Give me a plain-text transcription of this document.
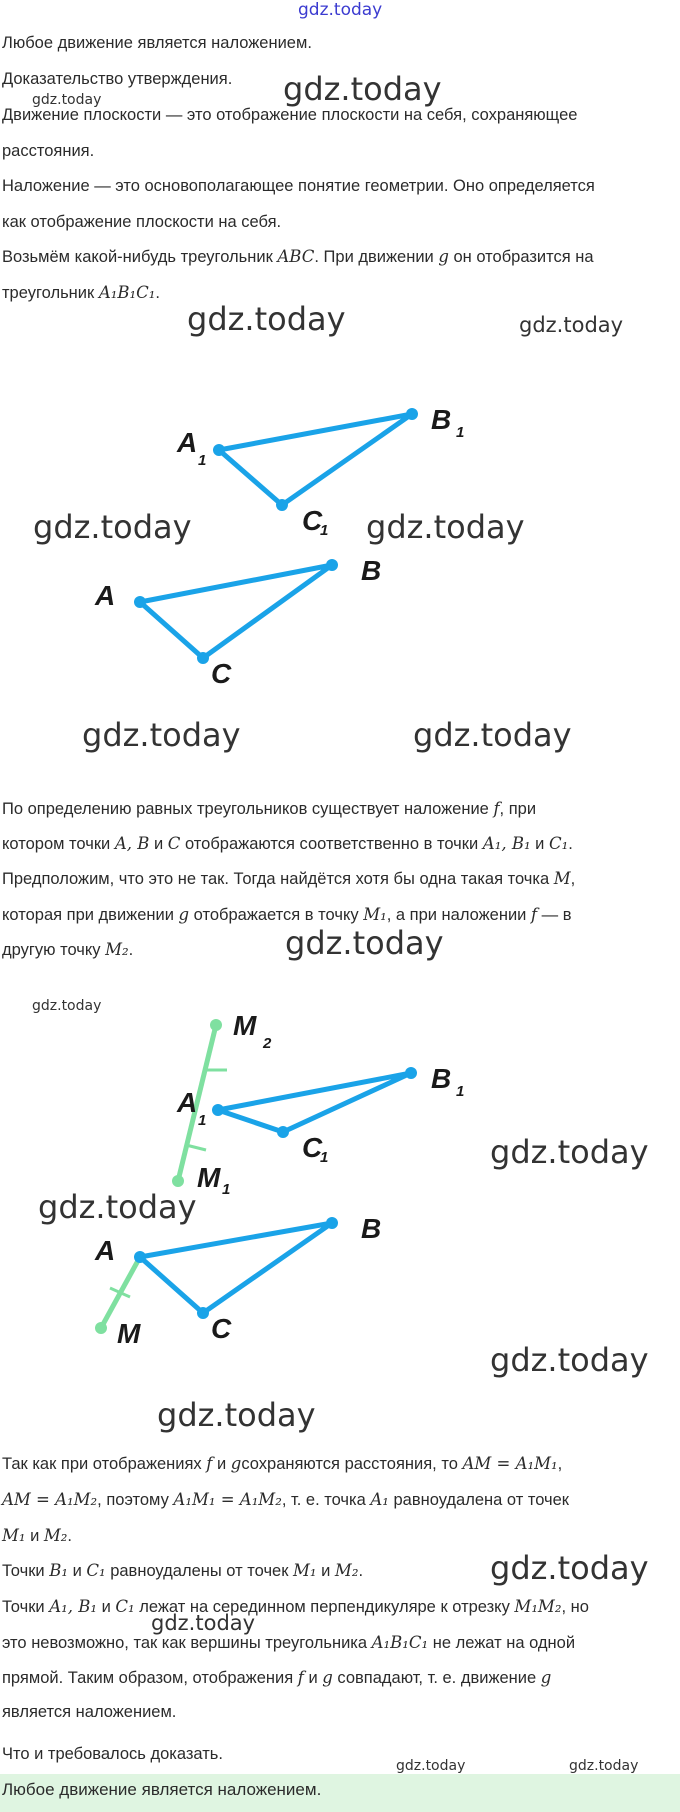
gdz.today
Любое движение является наложением.
Доказательство утверждения.
Движение плоскости — это отображение плоскости на себя, сохраняющее
расстояния.
Наложение — это основополагающее понятие геометрии. Оно определяется
как отображение плоскости на себя.
Возьмём какой-нибудь треугольник ABC. При движении g он отобразится на
треугольник A₁B₁C₁.
A
1
B 1
C
1
A
B
C
По определению равных треугольников существует наложение f, при
котором точки A, B и C отображаются соответственно в точки A₁, B₁ и C₁.
Предположим, что это не так. Тогда найдётся хотя бы одна такая точка M,
которая при движении g отображается в точку M₁, а при наложении f — в
другую точку M₂.
M
2
A
1
B 1
C
1
M 1
A
B
C
M
Так как при отображениях f и gсохраняются расстояния, то AM = A₁M₁,
AM = A₁M₂, поэтому A₁M₁ = A₁M₂, т. е. точка A₁ равноудалена от точек
M₁ и M₂.
Точки B₁ и C₁ равноудалены от точек M₁ и M₂.
Точки A₁, B₁ и C₁ лежат на серединном перпендикуляре к отрезку M₁M₂, но
это невозможно, так как вершины треугольника A₁B₁C₁ не лежат на одной
прямой. Таким образом, отображения f и g совпадают, т. е. движение g
является наложением.
Что и требовалось доказать.
Любое движение является наложением.
gdz.today
gdz.today
gdz.today	gdz.today
gdz.today	gdz.today
gdz.today	gdz.today
gdz.today
gdz.today
gdz.today
gdz.today
gdz.today
gdz.today
gdz.today
gdz.today
gdz.today	gdz.today
